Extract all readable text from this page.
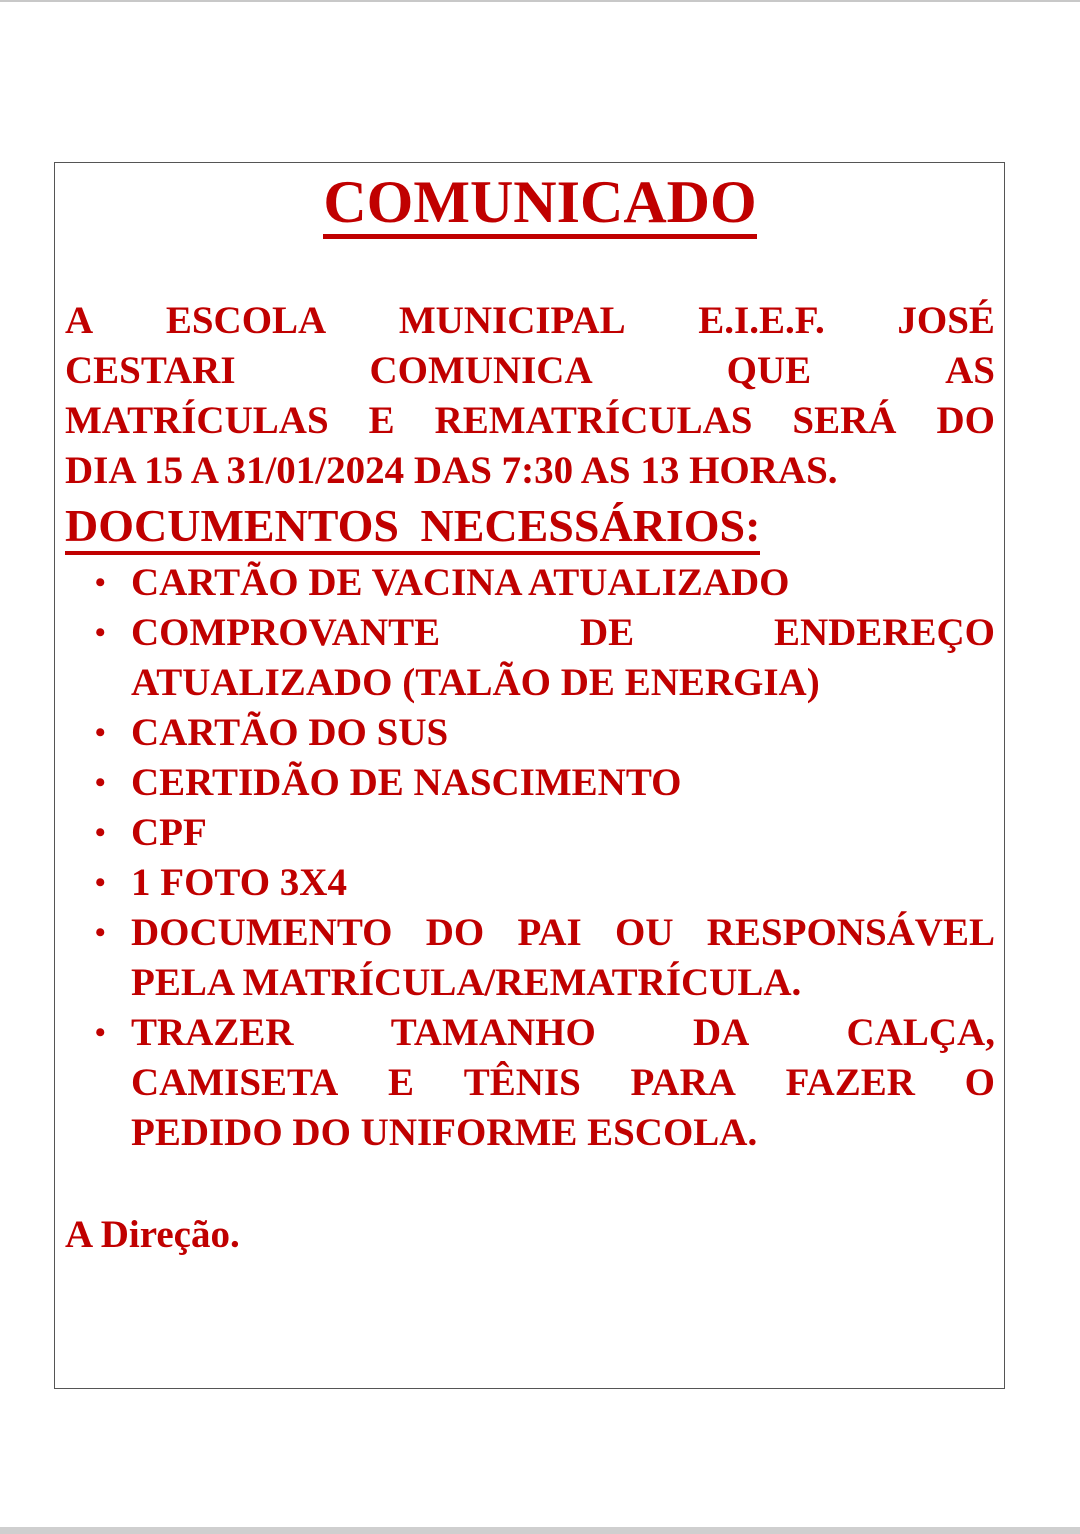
COMUNICADO
A ESCOLA MUNICIPAL E.I.E.F. JOSÉ
CESTARI	COMUNICA	QUE	AS
MATRÍCULAS E REMATRÍCULAS SERÁ DO
DIA 15 A 31/01/2024 DAS 7:30 AS 13 HORAS.
DOCUMENTOS NECESSÁRIOS:
• CARTÃO DE VACINA ATUALIZADO
• COMPROVANTE	DE	ENDEREÇO
ATUALIZADO (TALÃO DE ENERGIA)
• CARTÃO DO SUS
• CERTIDÃO DE NASCIMENTO
• CPF
• 1 FOTO 3X4
• DOCUMENTO DO PAI OU RESPONSÁVEL
PELA MATRÍCULA/REMATRÍCULA.
• TRAZER TAMANHO DA CALÇA,
CAMISETA E TÊNIS PARA FAZER O
PEDIDO DO UNIFORME ESCOLA.

A Direção.
